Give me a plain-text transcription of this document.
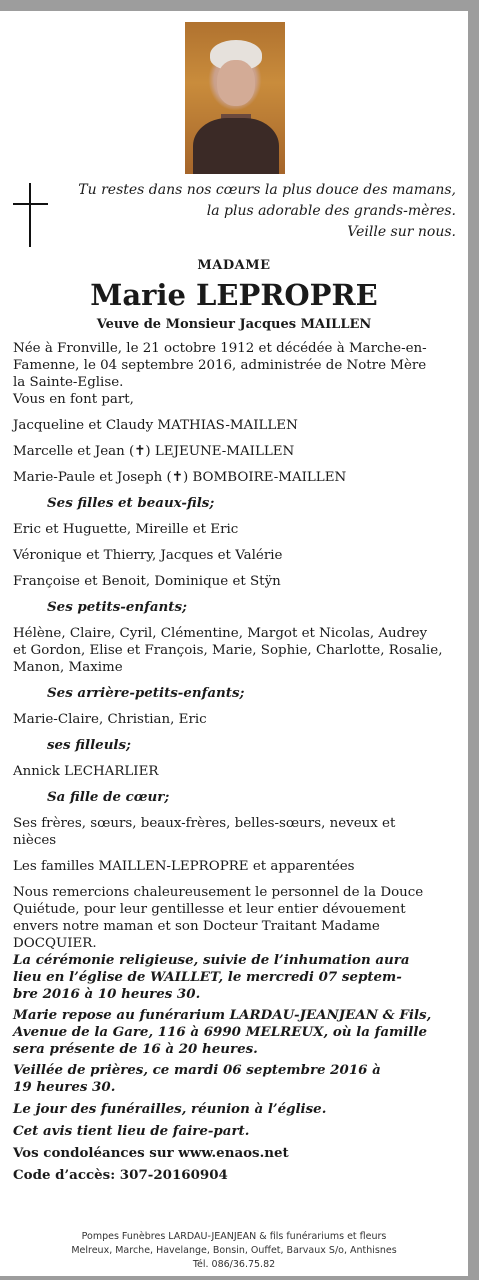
Tu restes dans nos cœurs la plus douce des mamans,
la plus adorable des grands-mères.
Veille sur nous.
MADAME
Marie LEPROPRE
Veuve de Monsieur Jacques MAILLEN
Née à Fronville, le 21 octobre 1912 et décédée à Marche-en-
Famenne, le 04 septembre 2016, administrée de Notre Mère
la Sainte-Eglise.
Vous en font part,
Jacqueline et Claudy MATHIAS-MAILLEN
Marcelle et Jean (✝) LEJEUNE-MAILLEN
Marie-Paule et Joseph (✝) BOMBOIRE-MAILLEN
Ses filles et beaux-fils;
Eric et Huguette, Mireille et Eric
Véronique et Thierry, Jacques et Valérie
Françoise et Benoit, Dominique et Stÿn
Ses petits-enfants;
Hélène, Claire, Cyril, Clémentine, Margot et Nicolas, Audrey
et Gordon, Elise et François, Marie, Sophie, Charlotte, Rosalie,
Manon, Maxime
Ses arrière-petits-enfants;
Marie-Claire, Christian, Eric
ses filleuls;
Annick LECHARLIER
Sa fille de cœur;
Ses frères, sœurs, beaux-frères, belles-sœurs, neveux et
nièces
Les familles MAILLEN-LEPROPRE et apparentées
Nous remercions chaleureusement le personnel de la Douce
Quiétude, pour leur gentillesse et leur entier dévouement
envers notre maman et son Docteur Traitant Madame
DOCQUIER.
La cérémonie religieuse, suivie de l’inhumation aura
lieu en l’église de WAILLET, le mercredi 07 septem-
bre 2016 à 10 heures 30.
Marie repose au funérarium LARDAU-JEANJEAN & Fils,
Avenue de la Gare, 116 à 6990 MELREUX, où la famille
sera présente de 16 à 20 heures.
Veillée de prières, ce mardi 06 septembre 2016 à
19 heures 30.
Le jour des funérailles, réunion à l’église.
Cet avis tient lieu de faire-part.
Vos condoléances sur www.enaos.net
Code d’accès: 307-20160904
Pompes Funèbres LARDAU-JEANJEAN & fils funérariums et fleurs
Melreux, Marche, Havelange, Bonsin, Ouffet, Barvaux S/o, Anthisnes
Tél. 086/36.75.82
